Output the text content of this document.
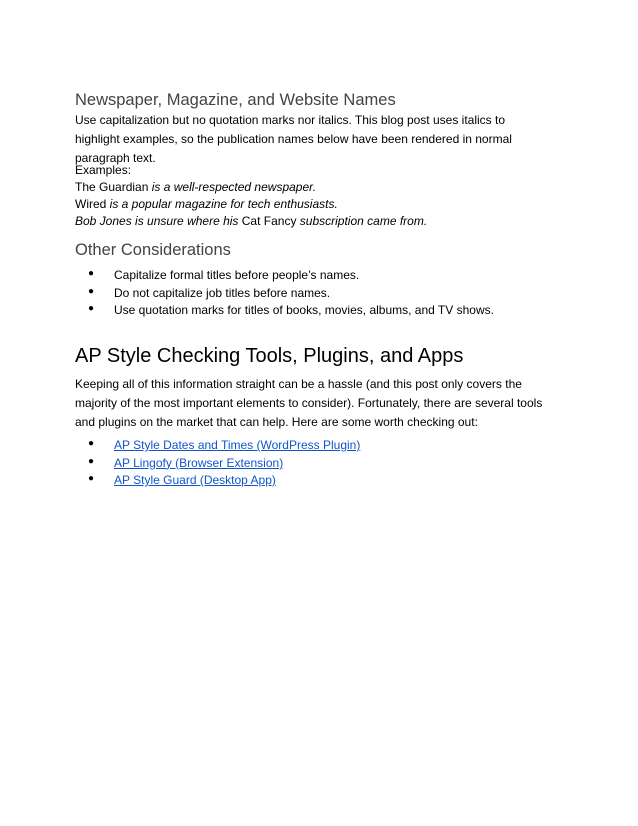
Newspaper, Magazine, and Website Names

Use capitalization but no quotation marks nor italics. This blog post uses italics to highlight examples, so the publication names below have been rendered in normal paragraph text.

Examples:

The Guardian is a well-respected newspaper.

Wired is a popular magazine for tech enthusiasts.

Bob Jones is unsure where his Cat Fancy subscription came from.

Other Considerations
● Capitalize formal titles before people’s names.
● Do not capitalize job titles before names.
● Use quotation marks for titles of books, movies, albums, and TV shows.
AP Style Checking Tools, Plugins, and Apps

Keeping all of this information straight can be a hassle (and this post only covers the majority of the most important elements to consider). Fortunately, there are several tools and plugins on the market that can help. Here are some worth checking out:

● AP Style Dates and Times (WordPress Plugin)
● AP Lingofy (Browser Extension)
● AP Style Guard (Desktop App)
